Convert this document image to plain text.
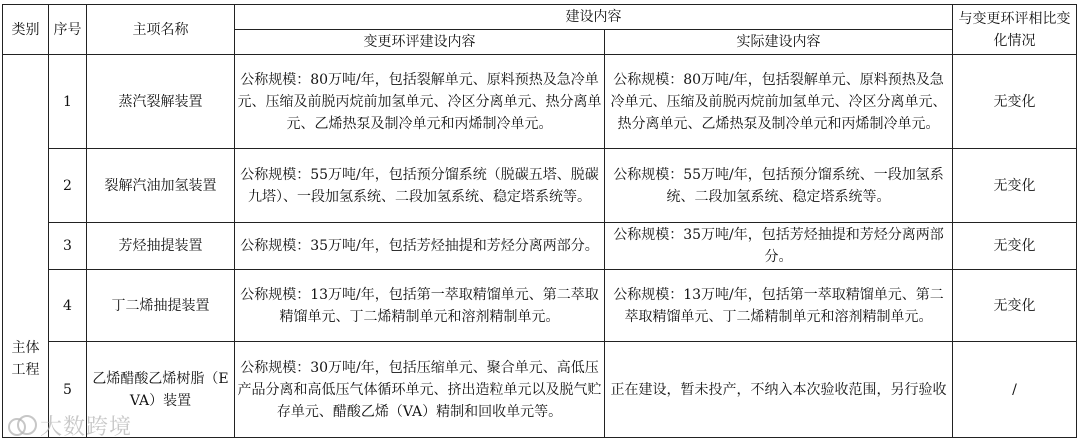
类别	序号	主项名称	建设内容		与变更环评相比变化情况
			变更环评建设内容	实际建设内容	
主体工程	1	蒸汽裂解装置	公称规模：80万吨/年，包括裂解单元、原料预热及急冷单元、压缩及前脱丙烷前加氢单元、冷区分离单元、热分离单元、乙烯热泵及制冷单元和丙烯制冷单元。	公称规模：80万吨/年，包括裂解单元、原料预热及急冷单元、压缩及前脱丙烷前加氢单元、冷区分离单元、热分离单元、乙烯热泵及制冷单元和丙烯制冷单元。	无变化
	2	裂解汽油加氢装置	公称规模：55万吨/年，包括预分馏系统（脱碳五塔、脱碳九塔）、一段加氢系统、二段加氢系统、稳定塔系统等。	公称规模：55万吨/年，包括预分馏系统、一段加氢系统、二段加氢系统、稳定塔系统等。	无变化
	3	芳烃抽提装置	公称规模：35万吨/年，包括芳烃抽提和芳烃分离两部分。	公称规模：35万吨/年，包括芳烃抽提和芳烃分离两部分。	无变化
	4	丁二烯抽提装置	公称规模：13万吨/年，包括第一萃取精馏单元、第二萃取精馏单元、丁二烯精制单元和溶剂精制单元。	公称规模：13万吨/年，包括第一萃取精馏单元、第二萃取精馏单元、丁二烯精制单元和溶剂精制单元。	无变化
	5	乙烯醋酸乙烯树脂（EVA）装置	公称规模：30万吨/年，包括压缩单元、聚合单元、高低压产品分离和高低压气体循环单元、挤出造粒单元以及脱气贮存单元、醋酸乙烯（VA）精制和回收单元等。	正在建设，暂未投产，不纳入本次验收范围，另行验收	/
大数跨境
